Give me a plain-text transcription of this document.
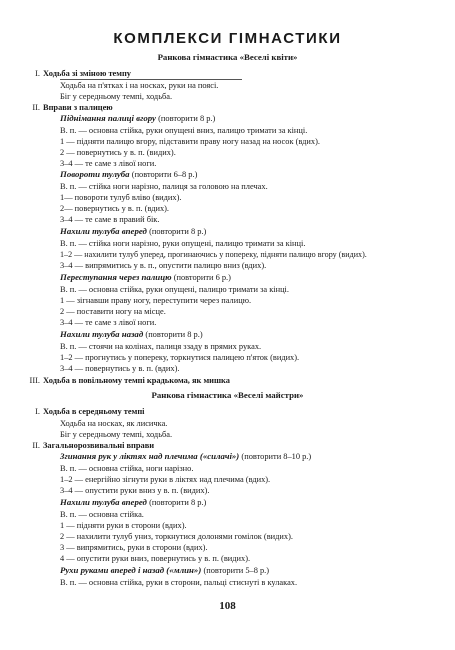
КОМПЛЕКСИ ГІМНАСТИКИ
Ранкова гімнастика «Веселі квіти»
I. Ходьба зі зміною темпу
Ходьба на п'ятках і на носках, руки на поясі.
Біг у середньому темпі, ходьба.
II. Вправи з палицею
Піднімання палиці вгору (повторити 8 р.)
В. п. — основна стійка, руки опущені вниз, палицю тримати за кінці.
1 — підняти палицю вгору, підставити праву ногу назад на носок (вдих).
2 — повернутись у в. п. (видих).
3–4 — те саме з лівої ноги.
Повороти тулуба (повторити 6–8 р.)
В. п. — стійка ноги нарізно, палиця за головою на плечах.
1— повороти тулуб вліво (видих).
2— повернутись у в. п. (вдих).
3–4 — те саме в правий бік.
Нахили тулуба вперед (повторити 8 р.)
В. п. — стійка ноги нарізно, руки опущені, палицю тримати за кінці.
1–2 — нахилити тулуб уперед, прогинаючись у попереку, підняти палицю вгору (видих).
3–4 — випрямитись у в. п., опустити палицю вниз (вдих).
Переступання через палицю (повторити 6 р.)
В. п. — основна стійка, руки опущені, палицю тримати за кінці.
1 — зігнавши праву ногу, переступити через палицю.
2 — поставити ногу на місце.
3–4 — те саме з лівої ноги.
Нахили тулуба назад (повторити 8 р.)
В. п. — стоячи на колінах, палиця ззаду в прямих руках.
1–2 — прогнутись у попереку, торкнутися палицею п'яток (видих).
3–4 — повернутись у в. п. (вдих).
III. Ходьба в повільному темпі крадькома, як мишка
Ранкова гімнастика «Веселі майстри»
I. Ходьба в середньому темпі
Ходьба на носках, як лисичка.
Біг у середньому темпі, ходьба.
II. Загальнорозвивальні вправи
Згинання рук у ліктях над плечима («силачі») (повторити 8–10 р.)
В. п. — основна стійка, ноги нарізно.
1–2 — енергійно зігнути руки в ліктях над плечима (вдих).
3–4 — опустити руки вниз у в. п. (видих).
Нахили тулуба вперед (повторити 8 р.)
В. п. — основна стійка.
1 — підняти руки в сторони (вдих).
2 — нахилити тулуб униз, торкнутися долонями гомілок (видих).
3 — випрямитись, руки в сторони (вдих).
4 — опустити руки вниз, повернутись у в. п. (видих).
Рухи руками вперед і назад («млин») (повторити 5–8 р.)
В. п. — основна стійка, руки в сторони, пальці стиснуті в кулаках.
108
